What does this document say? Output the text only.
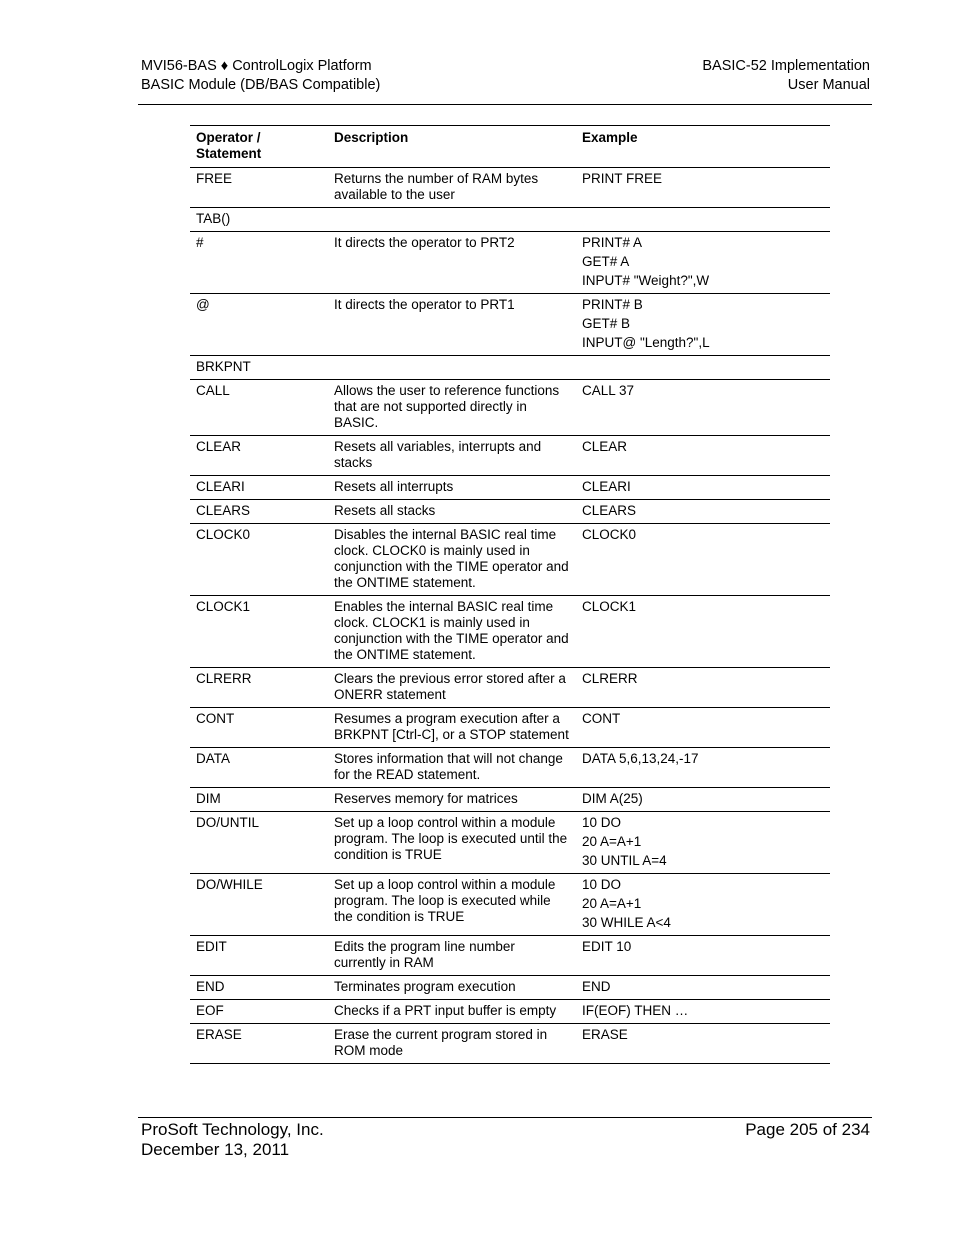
MVI56-BAS ♦ ControlLogix Platform
BASIC Module (DB/BAS Compatible)
BASIC-52 Implementation
User Manual
Operator / Statement	Description	Example
FREE	Returns the number of RAM bytes available to the user	PRINT FREE

TAB()		
#	It directs the operator to PRT2	PRINT# A
GET# A
INPUT# "Weight?",W

@	It directs the operator to PRT1	PRINT# B
GET# B
INPUT@ "Length?",L

BRKPNT		
CALL	Allows the user to reference functions that are not supported directly in BASIC.	CALL 37

CLEAR	Resets all variables, interrupts and stacks	CLEAR

CLEARI	Resets all interrupts	CLEARI

CLEARS	Resets all stacks	CLEARS

CLOCK0	Disables the internal BASIC real time clock. CLOCK0 is mainly used in conjunction with the TIME operator and the ONTIME statement.	CLOCK0

CLOCK1	Enables the internal BASIC real time clock. CLOCK1 is mainly used in conjunction with the TIME operator and the ONTIME statement.	CLOCK1

CLRERR	Clears the previous error stored after a ONERR statement	CLRERR

CONT	Resumes a program execution after a BRKPNT [Ctrl-C], or a STOP statement	CONT

DATA	Stores information that will not change for the READ statement.	DATA 5,6,13,24,-17

DIM	Reserves memory for matrices	DIM A(25)

DO/UNTIL	Set up a loop control within a module program. The loop is executed until the condition is TRUE	10 DO
20 A=A+1
30 UNTIL A=4

DO/WHILE	Set up a loop control within a module program. The loop is executed while the condition is TRUE	10 DO
20 A=A+1
30 WHILE A<4

EDIT	Edits the program line number currently in RAM	EDIT 10

END	Terminates program execution	END

EOF	Checks if a PRT input buffer is empty	IF(EOF) THEN …

ERASE	Erase the current program stored in ROM mode	ERASE
ProSoft Technology, Inc.
December 13, 2011
Page 205 of 234
